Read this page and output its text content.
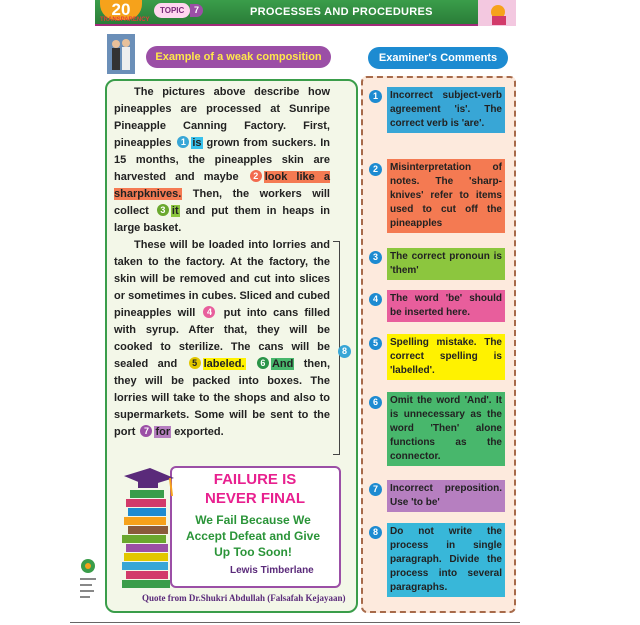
20
TRANSPARENCY
TOPIC	7	PROCESSES AND PROCEDURES
Example of a weak composition	Examiner's Comments

The pictures above describe how pineapples are processed at Sunripe Pineapple Canning Factory. First, pineapples 1 is grown from suckers. In 15 months, the pineapples skin are harvested and maybe 2 look like a sharpknives. Then, the workers will collect 3 it and put them in heaps in large basket.

These will be loaded into lorries and taken to the factory. At the factory, the skin will be removed and cut into slices or sometimes in cubes. Sliced and cubed pineapples will 4 put into cans filled with syrup. After that, they will be cooked to sterilize. The cans will be sealed and 5 labeled. 6 And then, they will be packed into boxes. The lorries will take to the shops and also to supermarkets. Some will be sent to the port 7 for exported.

8
FAILURE IS NEVER FINAL
We Fail Because We Accept Defeat and Give Up Too Soon!
Lewis Timberlane
Quote from Dr.Shukri Abdullah (Falsafah Kejayaan)
1	Incorrect subject-verb agreement 'is'. The correct verb is 'are'.
2	Misinterpretation of notes. The 'sharp-knives' refer to items used to cut off the pineapples
3	The correct pronoun is 'them'
4	The word 'be' should be inserted here.
5	Spelling mistake. The correct spelling is 'labelled'.
6	Omit the word 'And'. It is unnecessary as the word 'Then' alone functions as the connector.
7	Incorrect preposition. Use 'to be'
8	Do not write the process in single paragraph. Divide the process into several paragraphs.
